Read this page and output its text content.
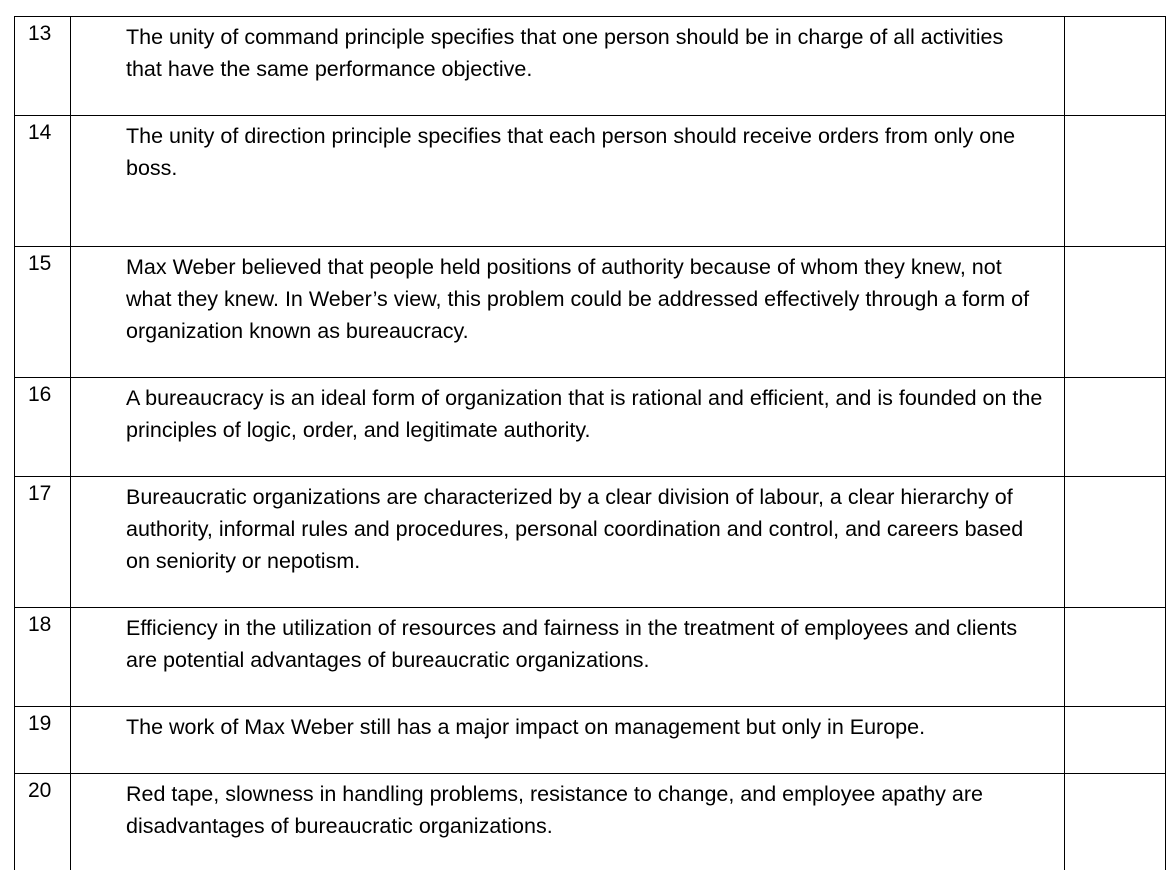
13	The unity of command principle specifies that one person should be in charge of all activities that have the same performance objective.	

14	The unity of direction principle specifies that each person should receive orders from only one boss.	

15	Max Weber believed that people held positions of authority because of whom they knew, not what they knew. In Weber’s view, this problem could be addressed effectively through a form of organization known as bureaucracy.	

16	A bureaucracy is an ideal form of organization that is rational and efficient, and is founded on the principles of logic, order, and legitimate authority.	

17	Bureaucratic organizations are characterized by a clear division of labour, a clear hierarchy of authority, informal rules and procedures, personal coordination and control, and careers based on seniority or nepotism.	

18	Efficiency in the utilization of resources and fairness in the treatment of employees and clients are potential advantages of bureaucratic organizations.	

19	The work of Max Weber still has a major impact on management but only in Europe.	

20	Red tape, slowness in handling problems, resistance to change, and employee apathy are disadvantages of bureaucratic organizations.	
